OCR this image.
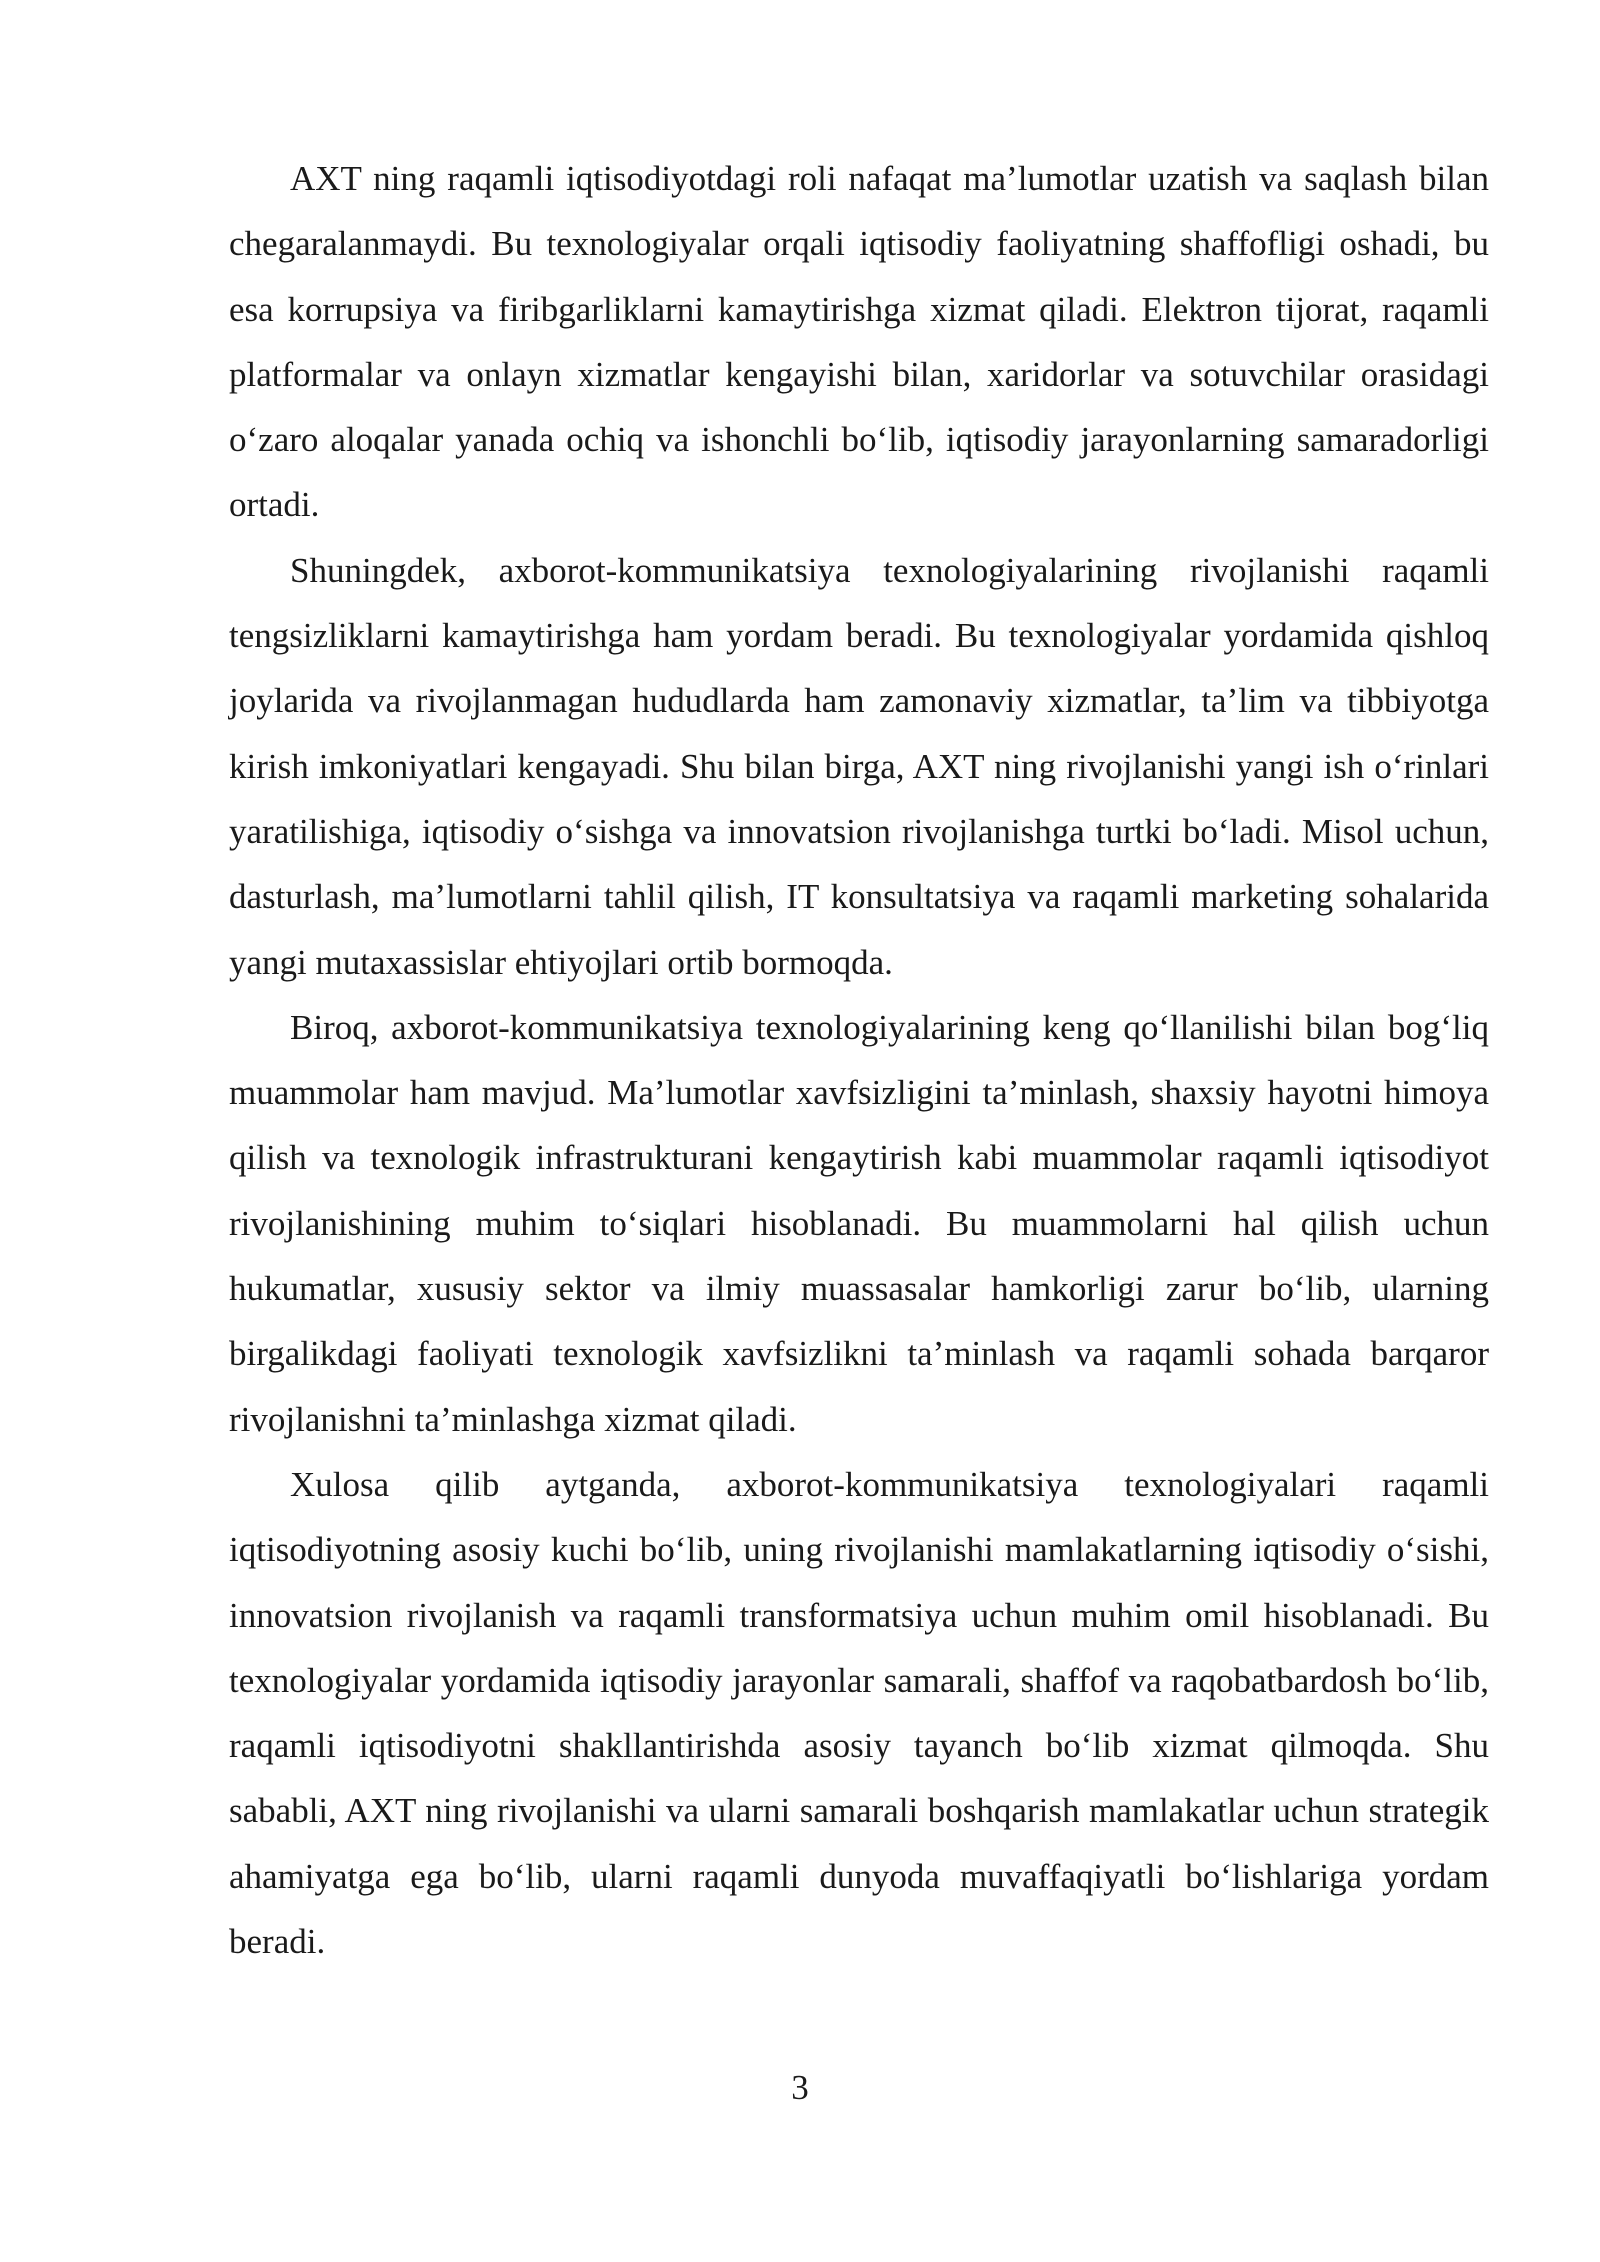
AXT ning raqamli iqtisodiyotdagi roli nafaqat ma’lumotlar uzatish va saqlash bilan chegaralanmaydi. Bu texnologiyalar orqali iqtisodiy faoliyatning shaffofligi oshadi, bu esa korrupsiya va firibgarliklarni kamaytirishga xizmat qiladi. Elektron tijorat, raqamli platformalar va onlayn xizmatlar kengayishi bilan, xaridorlar va sotuvchilar orasidagi o‘zaro aloqalar yanada ochiq va ishonchli bo‘lib, iqtisodiy jarayonlarning samaradorligi ortadi.

Shuningdek, axborot-kommunikatsiya texnologiyalarining rivojlanishi raqamli tengsizliklarni kamaytirishga ham yordam beradi. Bu texnologiyalar yordamida qishloq joylarida va rivojlanmagan hududlarda ham zamonaviy xizmatlar, ta’lim va tibbiyotga kirish imkoniyatlari kengayadi. Shu bilan birga, AXT ning rivojlanishi yangi ish o‘rinlari yaratilishiga, iqtisodiy o‘sishga va innovatsion rivojlanishga turtki bo‘ladi. Misol uchun, dasturlash, ma’lumotlarni tahlil qilish, IT konsultatsiya va raqamli marketing sohalarida yangi mutaxassislar ehtiyojlari ortib bormoqda.

Biroq, axborot-kommunikatsiya texnologiyalarining keng qo‘llanilishi bilan bog‘liq muammolar ham mavjud. Ma’lumotlar xavfsizligini ta’minlash, shaxsiy hayotni himoya qilish va texnologik infrastrukturani kengaytirish kabi muammolar raqamli iqtisodiyot rivojlanishining muhim to‘siqlari hisoblanadi. Bu muammolarni hal qilish uchun hukumatlar, xususiy sektor va ilmiy muassasalar hamkorligi zarur bo‘lib, ularning birgalikdagi faoliyati texnologik xavfsizlikni ta’minlash va raqamli sohada barqaror rivojlanishni ta’minlashga xizmat qiladi.

Xulosa qilib aytganda, axborot-kommunikatsiya texnologiyalari raqamli iqtisodiyotning asosiy kuchi bo‘lib, uning rivojlanishi mamlakatlarning iqtisodiy o‘sishi, innovatsion rivojlanish va raqamli transformatsiya uchun muhim omil hisoblanadi. Bu texnologiyalar yordamida iqtisodiy jarayonlar samarali, shaffof va raqobatbardosh bo‘lib, raqamli iqtisodiyotni shakllantirishda asosiy tayanch bo‘lib xizmat qilmoqda. Shu sababli, AXT ning rivojlanishi va ularni samarali boshqarish mamlakatlar uchun strategik ahamiyatga ega bo‘lib, ularni raqamli dunyoda muvaffaqiyatli bo‘lishlariga yordam beradi.

3
